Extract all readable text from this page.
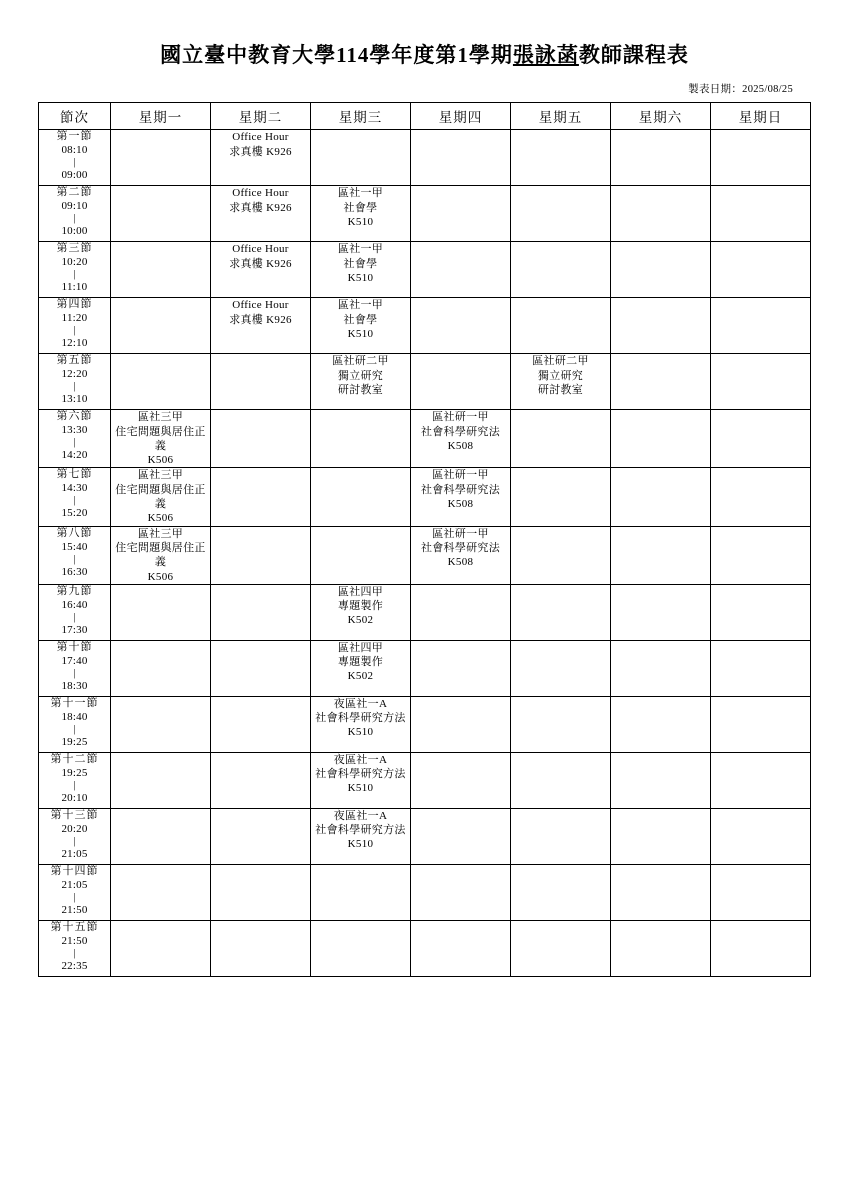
國立臺中教育大學114學年度第1學期張詠菡教師課程表
製表日期：2025/08/25
節次	星期一	星期二	星期三	星期四	星期五	星期六	星期日

第一節
08:10
|
09:00		Office Hour
求真樓 K926					

第二節
09:10
|
10:00		Office Hour
求真樓 K926	區社一甲
社會學
K510				

第三節
10:20
|
11:10		Office Hour
求真樓 K926	區社一甲
社會學
K510				

第四節
11:20
|
12:10		Office Hour
求真樓 K926	區社一甲
社會學
K510				

第五節
12:20
|
13:10			區社研二甲
獨立研究
研討教室		區社研二甲
獨立研究
研討教室		

第六節
13:30
|
14:20	區社三甲
住宅問題與居住正義
K506			區社研一甲
社會科學研究法
K508			

第七節
14:30
|
15:20	區社三甲
住宅問題與居住正義
K506			區社研一甲
社會科學研究法
K508			

第八節
15:40
|
16:30	區社三甲
住宅問題與居住正義
K506			區社研一甲
社會科學研究法
K508			

第九節
16:40
|
17:30			區社四甲
專題製作
K502				

第十節
17:40
|
18:30			區社四甲
專題製作
K502				

第十一節
18:40
|
19:25			夜區社一A
社會科學研究方法
K510				

第十二節
19:25
|
20:10			夜區社一A
社會科學研究方法
K510				

第十三節
20:20
|
21:05			夜區社一A
社會科學研究方法
K510				

第十四節
21:05
|
21:50							

第十五節
21:50
|
22:35							
